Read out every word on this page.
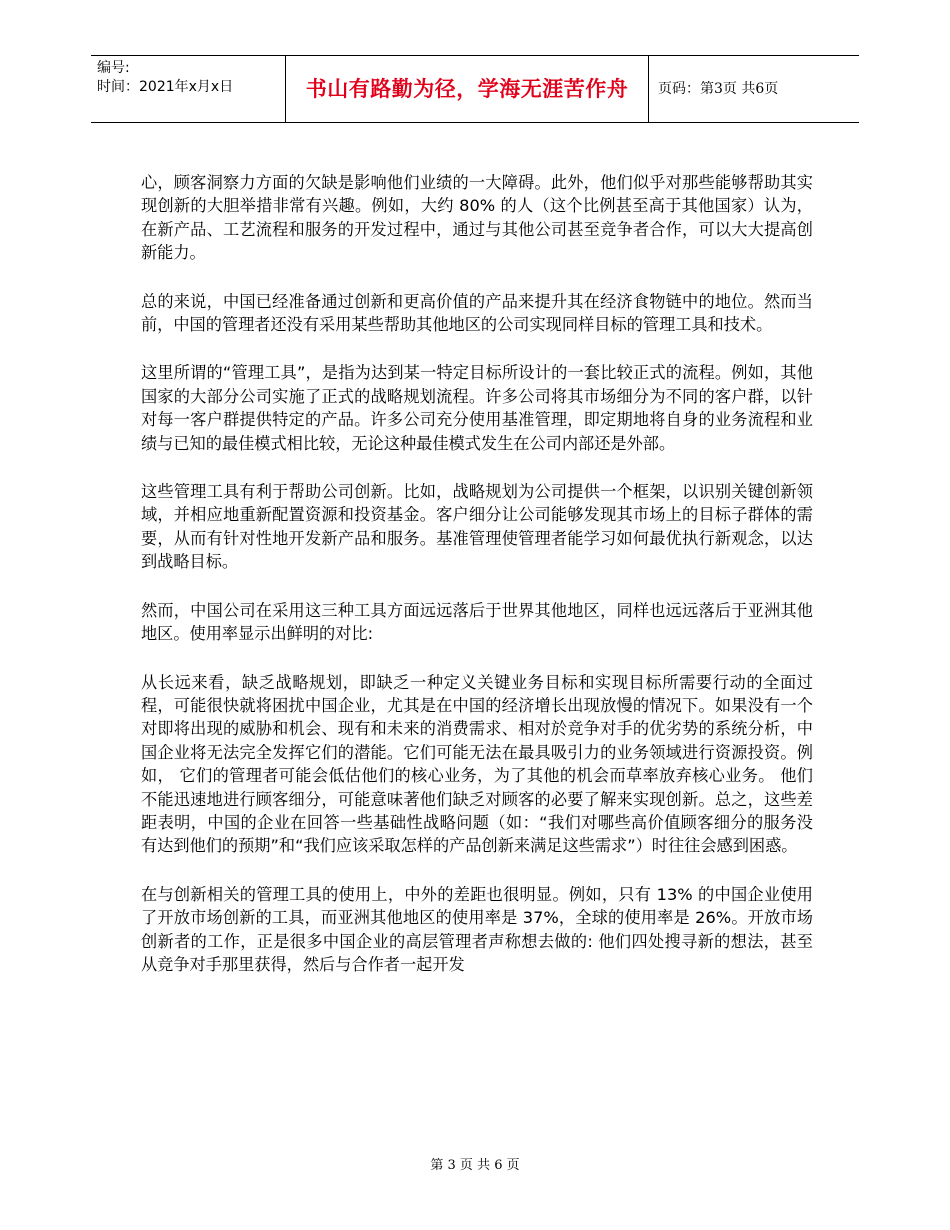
编号:
时间：2021年x月x日	书山有路勤为径，学海无涯苦作舟	页码：第3页 共6页

心，顾客洞察力方面的欠缺是影响他们业绩的一大障碍。此外，他们似乎对那些能够帮助其实现创新的大胆举措非常有兴趣。例如，大约 80% 的人（这个比例甚至高于其他国家）认为，在新产品、工艺流程和服务的开发过程中，通过与其他公司甚至竞争者合作，可以大大提高创新能力。

总的来说，中国已经准备通过创新和更高价值的产品来提升其在经济食物链中的地位。然而当前，中国的管理者还没有采用某些帮助其他地区的公司实现同样目标的管理工具和技术。

这里所谓的“管理工具”，是指为达到某一特定目标所设计的一套比较正式的流程。例如，其他国家的大部分公司实施了正式的战略规划流程。许多公司将其市场细分为不同的客户群，以针对每一客户群提供特定的产品。许多公司充分使用基准管理，即定期地将自身的业务流程和业绩与已知的最佳模式相比较，无论这种最佳模式发生在公司内部还是外部。

这些管理工具有利于帮助公司创新。比如，战略规划为公司提供一个框架，以识别关键创新领域，并相应地重新配置资源和投资基金。客户细分让公司能够发现其市场上的目标子群体的需要，从而有针对性地开发新产品和服务。基准管理使管理者能学习如何最优执行新观念，以达到战略目标。

然而，中国公司在采用这三种工具方面远远落后于世界其他地区，同样也远远落后于亚洲其他地区。使用率显示出鲜明的对比:

从长远来看，缺乏战略规划，即缺乏一种定义关键业务目标和实现目标所需要行动的全面过程，可能很快就将困扰中国企业，尤其是在中国的经济增长出现放慢的情况下。如果没有一个对即将出现的威胁和机会、现有和未来的消费需求、相对於竞争对手的优劣势的系统分析，中国企业将无法完全发挥它们的潜能。它们可能无法在最具吸引力的业务领域进行资源投资。例如， 它们的管理者可能会低估他们的核心业务，为了其他的机会而草率放弃核心业务。 他们不能迅速地进行顾客细分，可能意味著他们缺乏对顾客的必要了解来实现创新。总之，这些差距表明，中国的企业在回答一些基础性战略问题（如：“我们对哪些高价值顾客细分的服务没有达到他们的预期”和“我们应该采取怎样的产品创新来满足这些需求”）时往往会感到困惑。

在与创新相关的管理工具的使用上，中外的差距也很明显。例如，只有 13% 的中国企业使用了开放市场创新的工具，而亚洲其他地区的使用率是 37%，全球的使用率是 26%。开放市场创新者的工作，正是很多中国企业的高层管理者声称想去做的: 他们四处搜寻新的想法，甚至从竞争对手那里获得，然后与合作者一起开发

第 3 页 共 6 页
